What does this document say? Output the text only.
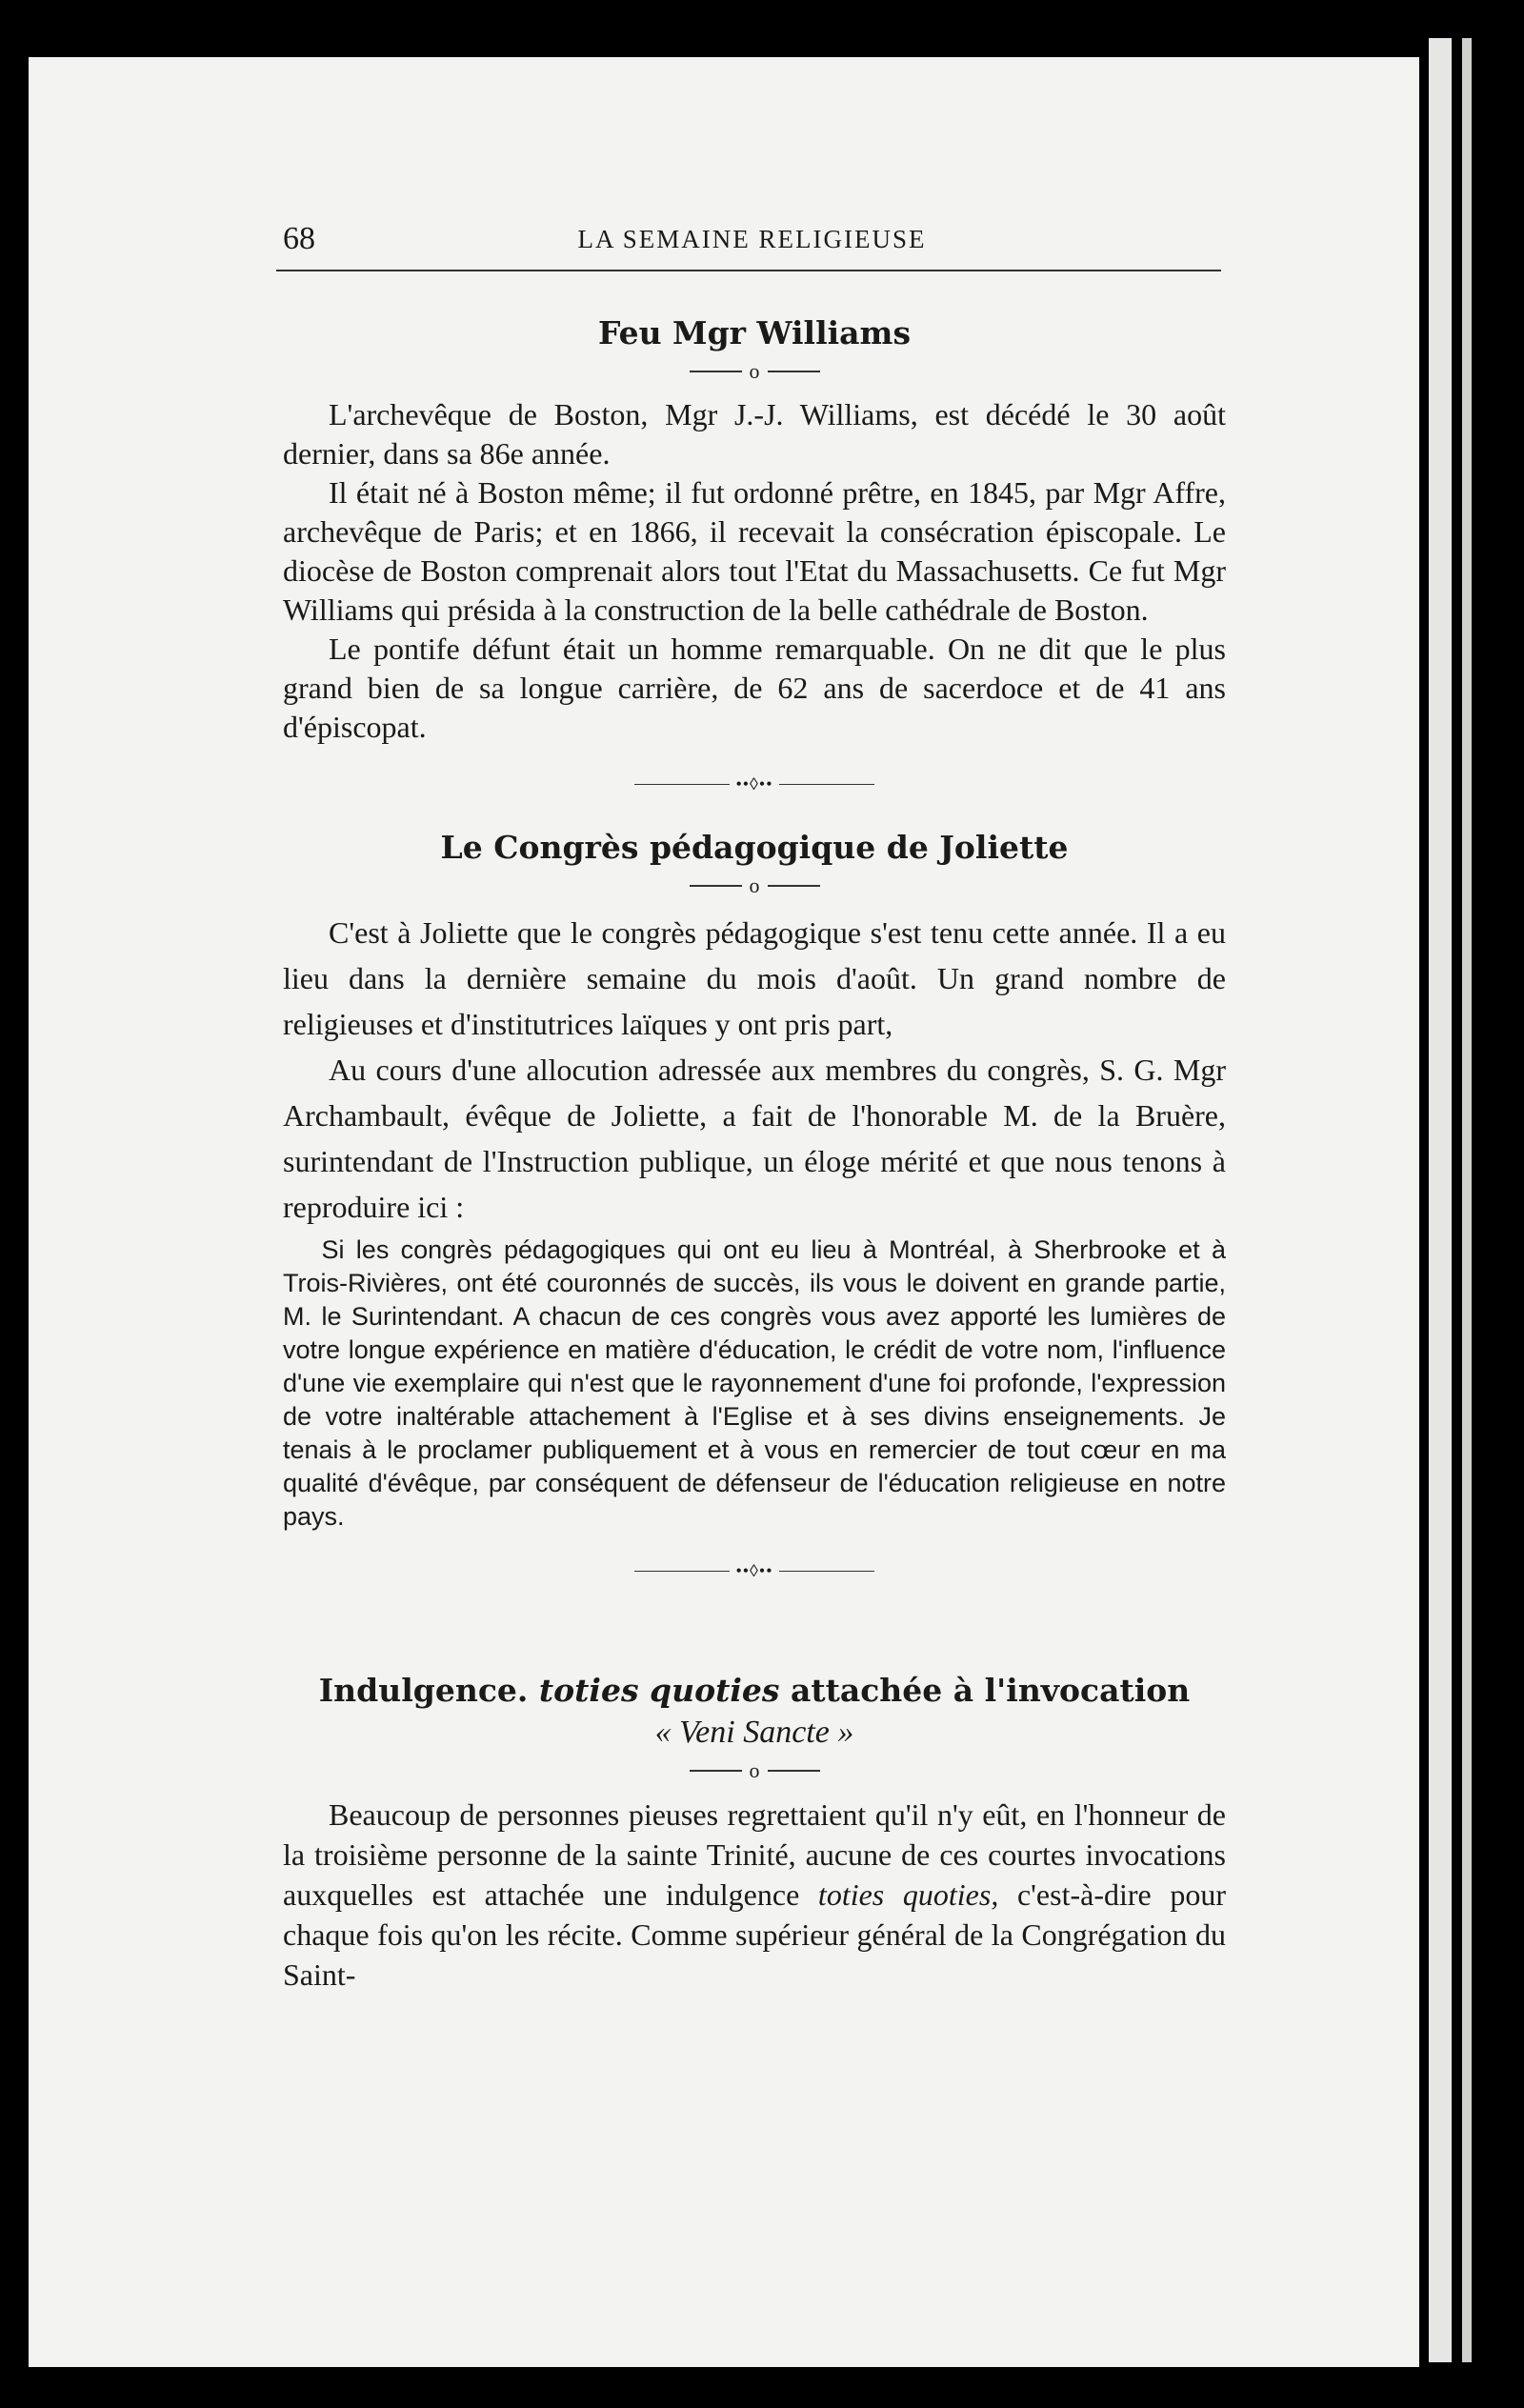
68	LA SEMAINE RELIGIEUSE
Feu Mgr Williams
o

L'archevêque de Boston, Mgr J.-J. Williams, est décédé le 30 août dernier, dans sa 86e année.

Il était né à Boston même; il fut ordonné prêtre, en 1845, par Mgr Affre, archevêque de Paris; et en 1866, il recevait la consécration épiscopale. Le diocèse de Boston comprenait alors tout l'Etat du Massachusetts. Ce fut Mgr Williams qui présida à la construction de la belle cathédrale de Boston.

Le pontife défunt était un homme remarquable. On ne dit que le plus grand bien de sa longue carrière, de 62 ans de sacerdoce et de 41 ans d'épiscopat.

••◊••
Le Congrès pédagogique de Joliette
o

C'est à Joliette que le congrès pédagogique s'est tenu cette année. Il a eu lieu dans la dernière semaine du mois d'août. Un grand nombre de religieuses et d'institutrices laïques y ont pris part,

Au cours d'une allocution adressée aux membres du congrès, S. G. Mgr Archambault, évêque de Joliette, a fait de l'honorable M. de la Bruère, surintendant de l'Instruction publique, un éloge mérité et que nous tenons à reproduire ici :

Si les congrès pédagogiques qui ont eu lieu à Montréal, à Sherbrooke et à Trois-Rivières, ont été couronnés de succès, ils vous le doivent en grande partie, M. le Surintendant. A chacun de ces congrès vous avez apporté les lumières de votre longue expérience en matière d'éducation, le crédit de votre nom, l'influence d'une vie exemplaire qui n'est que le rayonnement d'une foi profonde, l'expression de votre inaltérable attachement à l'Eglise et à ses divins enseignements. Je tenais à le proclamer publiquement et à vous en remercier de tout cœur en ma qualité d'évêque, par conséquent de défenseur de l'éducation religieuse en notre pays.

••◊••
Indulgence. toties quoties attachée à l'invocation
« Veni Sancte »
o

Beaucoup de personnes pieuses regrettaient qu'il n'y eût, en l'honneur de la troisième personne de la sainte Trinité, aucune de ces courtes invocations auxquelles est attachée une indulgence toties quoties, c'est-à-dire pour chaque fois qu'on les récite. Comme supérieur général de la Congrégation du Saint-
